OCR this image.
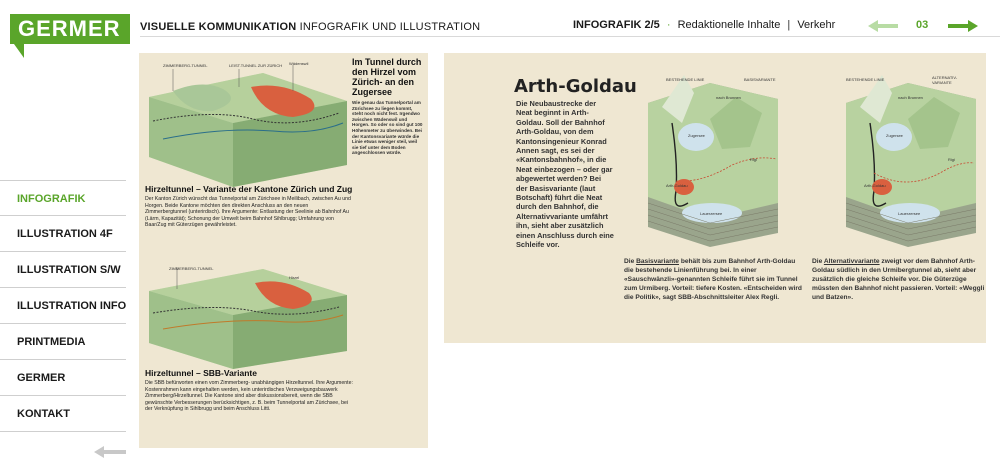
GERMER	VISUELLE KOMMUNIKATION INFOGRAFIK UND ILLUSTRATION	INFOGRAFIK 2/5 · Redaktionelle Inhalte | Verkehr	03
INFOGRAFIK
ILLUSTRATION 4F
ILLUSTRATION S/W
ILLUSTRATION INFO
PRINTMEDIA
GERMER
KONTAKT
ZIMMERBERG-TUNNEL	LEIST.TUNNEL ZUR ZÜRICH Wädenswil	Im Tunnel durch den Hirzel vom Zürich- an den Zugersee
Wie genau das Tunnelportal am Zürichsee zu liegen kommt, steht noch nicht fest. Irgendwo zwischen Wädenswil und Horgen. So oder so sind gut 100 Höhenmeter zu überwinden. Bei der Kantonsvariante würde die Linie etwas weniger steil, weil sie tief unter dem Boden angeschlossen würde.
Hirzeltunnel – Variante der Kantone Zürich und Zug
Der Kanton Zürich wünscht das Tunnelportal am Zürichsee in Meilibach, zwischen Au und Horgen. Beide Kantone möchten den direkten Anschluss an den neuen Zimmerbergtunnel (unterirdisch). Ihre Argumente: Entlastung der Seelinie ab Bahnhof Au (Lärm, Kapazität); Schonung der Umwelt beim Bahnhof Sihlbrugg; Umfahrung von Baar/Zug mit Güterzügen gewährleistet.
ZIMMERBERG-TUNNEL
Hirzel
Hirzeltunnel – SBB-Variante
Die SBB befürworten einen vom Zimmerberg- unabhängigen Hirzeltunnel. Ihre Argumente: Kostenrahmen kann eingehalten werden, kein unterirdisches Verzweigungsbauwerk Zimmerberg/Hirzeltunnel. Die Kantone sind aber diskussionsbereit, wenn die SBB gewünschte Verbesserungen berücksichtigen, z. B. beim Tunnelportal am Zürichsee, bei der Verknüpfung in Sihlbrugg und beim Anschluss Litti.
Arth-Goldau
Die Neubaustrecke der Neat beginnt in Arth-Goldau. Soll der Bahnhof Arth-Goldau, von dem Kantonsingenieur Konrad Annen sagt, es sei der «Kantonsbahnhof», in die Neat einbezogen – oder gar abgewertet werden? Bei der Basisvariante (laut Botschaft) führt die Neat durch den Bahnhof, die Alternativvariante umfährt ihn, sieht aber zusätzlich einen Anschluss durch eine Schleife vor.
BESTEHENDE LINIE	BASISVARIANTE
nach Brunnen
Zugersee
Arth-Goldau
Lauerzersee
Rigi
BESTEHENDE LINIE	ALTERNATIV-VARIANTE
nach Brunnen
Zugersee
Arth-Goldau
Lauerzersee
Rigi
Die Basisvariante behält bis zum Bahnhof Arth-Goldau die bestehende Linienführung bei. In einer «Sauschwänzli»-genannten Schleife führt sie im Tunnel zum Urmiberg. Vorteil: tiefere Kosten. «Entscheiden wird die Politik», sagt SBB-Abschnittsleiter Alex Regli.
Die Alternativvariante zweigt vor dem Bahnhof Arth-Goldau südlich in den Urmibergtunnel ab, sieht aber zusätzlich die gleiche Schleife vor. Die Güterzüge müssten den Bahnhof nicht passieren. Vorteil: «Weggli und Batzen».
